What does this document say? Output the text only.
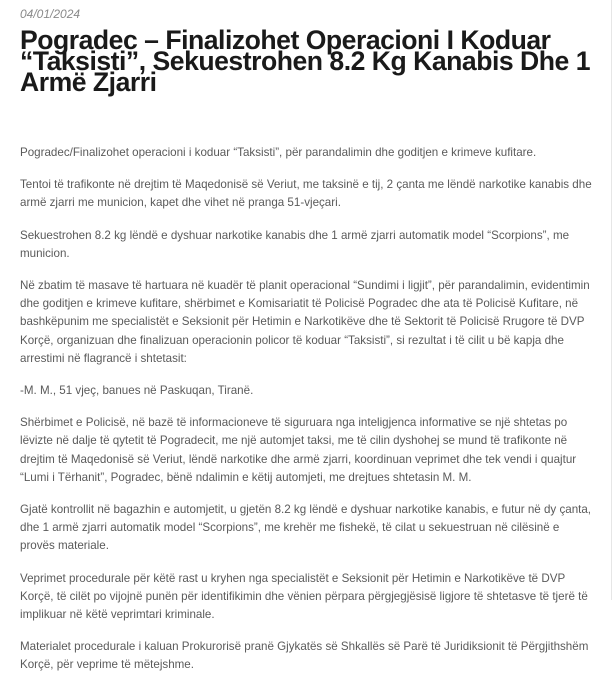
04/01/2024
Pogradec – Finalizohet Operacioni I Koduar “Taksisti”, Sekuestrohen 8.2 Kg Kanabis Dhe 1 Armë Zjarri

Pogradec/Finalizohet operacioni i koduar “Taksisti”, për parandalimin dhe goditjen e krimeve kufitare.

Tentoi të trafikonte në drejtim të Maqedonisë së Veriut, me taksinë e tij, 2 çanta me lëndë narkotike kanabis dhe armë zjarri me municion, kapet dhe vihet në pranga 51-vjeçari.

Sekuestrohen 8.2 kg lëndë e dyshuar narkotike kanabis dhe 1 armë zjarri automatik model “Scorpions”, me municion.

Në zbatim të masave të hartuara në kuadër të planit operacional “Sundimi i ligjit”, për parandalimin, evidentimin dhe goditjen e krimeve kufitare, shërbimet e Komisariatit të Policisë Pogradec dhe ata të Policisë Kufitare, në bashkëpunim me specialistët e Seksionit për Hetimin e Narkotikëve dhe të Sektorit të Policisë Rrugore të DVP Korçë, organizuan dhe finalizuan operacionin policor të koduar “Taksisti”, si rezultat i të cilit u bë kapja dhe arrestimi në flagrancë i shtetasit:

-M. M., 51 vjeç, banues në Paskuqan, Tiranë.

Shërbimet e Policisë, në bazë të informacioneve të siguruara nga inteligjenca informative se një shtetas po lëvizte në dalje të qytetit të Pogradecit, me një automjet taksi, me të cilin dyshohej se mund të trafikonte në drejtim të Maqedonisë së Veriut, lëndë narkotike dhe armë zjarri, koordinuan veprimet dhe tek vendi i quajtur “Lumi i Tërhanit”, Pogradec, bënë ndalimin e këtij automjeti, me drejtues shtetasin M. M.

Gjatë kontrollit në bagazhin e automjetit, u gjetën 8.2 kg lëndë e dyshuar narkotike kanabis, e futur në dy çanta, dhe 1 armë zjarri automatik model “Scorpions”, me krehër me fishekë, të cilat u sekuestruan në cilësinë e provës materiale.

Veprimet procedurale për këtë rast u kryhen nga specialistët e Seksionit për Hetimin e Narkotikëve të DVP Korçë, të cilët po vijojnë punën për identifikimin dhe vënien përpara përgjegjësisë ligjore të shtetasve të tjerë të implikuar në këtë veprimtari kriminale.

Materialet procedurale i kaluan Prokurorisë pranë Gjykatës së Shkallës së Parë të Juridiksionit të Përgjithshëm Korçë, për veprime të mëtejshme.
